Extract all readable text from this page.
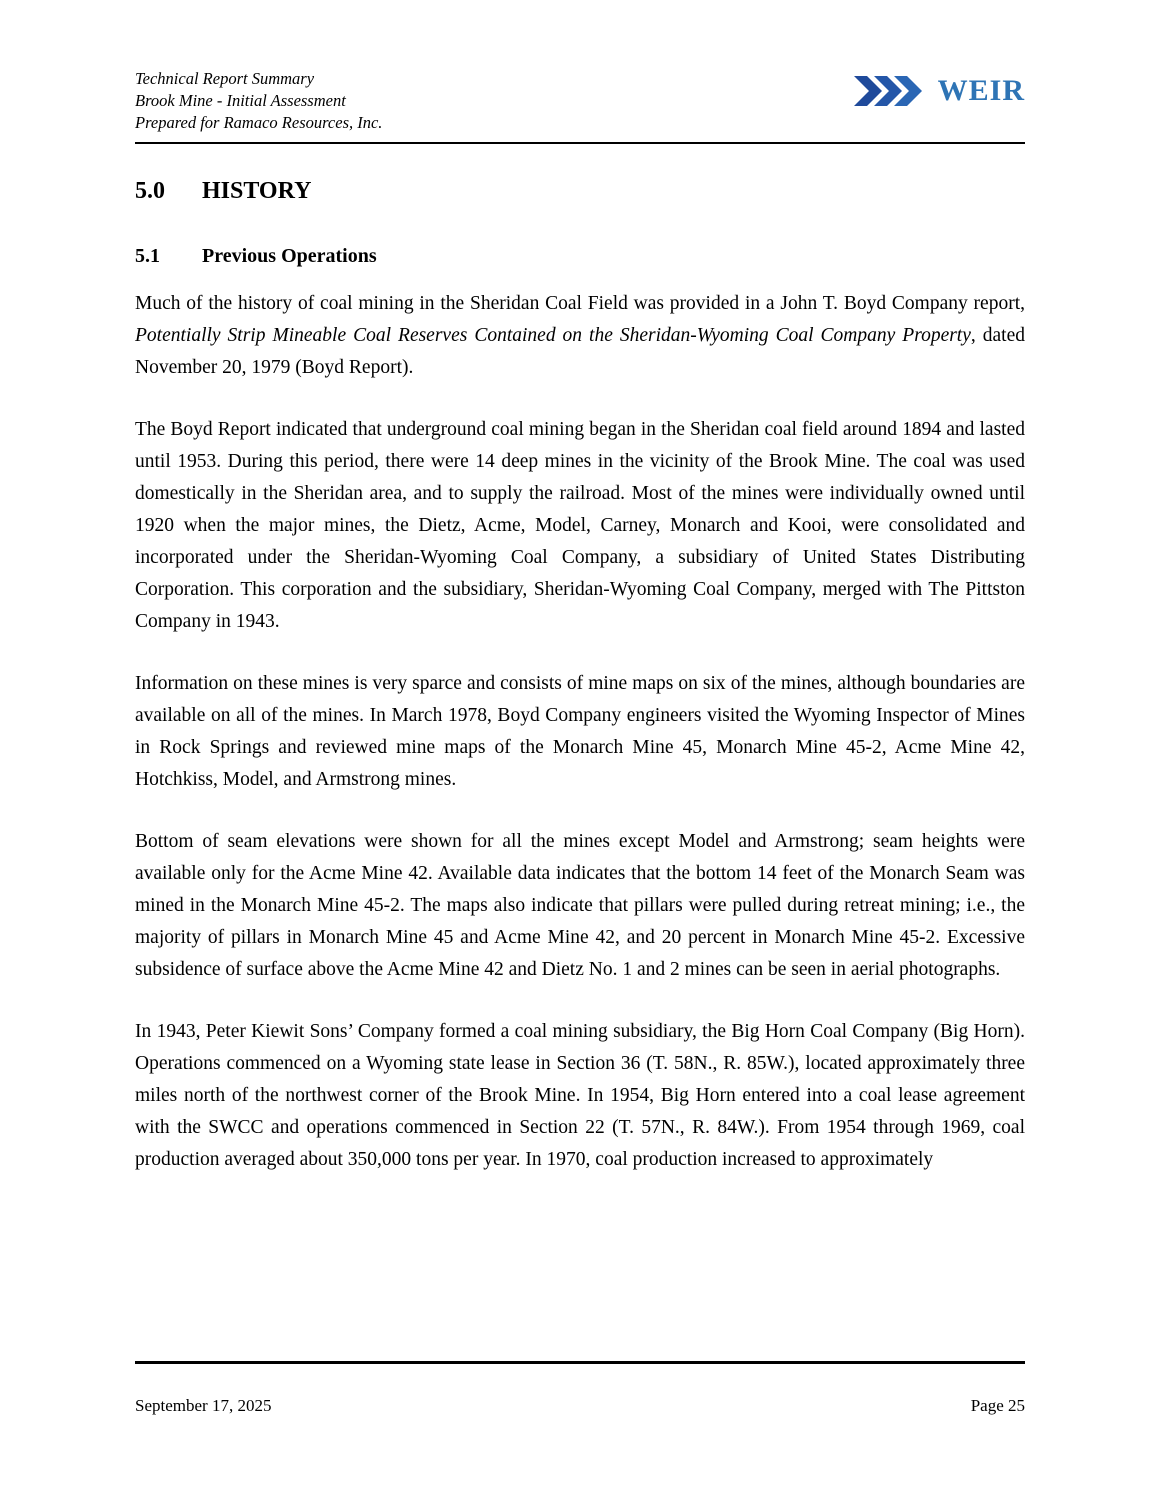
Technical Report Summary
Brook Mine - Initial Assessment
Prepared for Ramaco Resources, Inc.
WEIR
5.0	HISTORY
5.1	Previous Operations

Much of the history of coal mining in the Sheridan Coal Field was provided in a John T. Boyd Company report, Potentially Strip Mineable Coal Reserves Contained on the Sheridan-Wyoming Coal Company Property, dated November 20, 1979 (Boyd Report).

The Boyd Report indicated that underground coal mining began in the Sheridan coal field around 1894 and lasted until 1953. During this period, there were 14 deep mines in the vicinity of the Brook Mine. The coal was used domestically in the Sheridan area, and to supply the railroad. Most of the mines were individually owned until 1920 when the major mines, the Dietz, Acme, Model, Carney, Monarch and Kooi, were consolidated and incorporated under the Sheridan-Wyoming Coal Company, a subsidiary of United States Distributing Corporation. This corporation and the subsidiary, Sheridan-Wyoming Coal Company, merged with The Pittston Company in 1943.

Information on these mines is very sparce and consists of mine maps on six of the mines, although boundaries are available on all of the mines. In March 1978, Boyd Company engineers visited the Wyoming Inspector of Mines in Rock Springs and reviewed mine maps of the Monarch Mine 45, Monarch Mine 45-2, Acme Mine 42, Hotchkiss, Model, and Armstrong mines.

Bottom of seam elevations were shown for all the mines except Model and Armstrong; seam heights were available only for the Acme Mine 42. Available data indicates that the bottom 14 feet of the Monarch Seam was mined in the Monarch Mine 45-2. The maps also indicate that pillars were pulled during retreat mining; i.e., the majority of pillars in Monarch Mine 45 and Acme Mine 42, and 20 percent in Monarch Mine 45-2. Excessive subsidence of surface above the Acme Mine 42 and Dietz No. 1 and 2 mines can be seen in aerial photographs.

In 1943, Peter Kiewit Sons’ Company formed a coal mining subsidiary, the Big Horn Coal Company (Big Horn). Operations commenced on a Wyoming state lease in Section 36 (T. 58N., R. 85W.), located approximately three miles north of the northwest corner of the Brook Mine. In 1954, Big Horn entered into a coal lease agreement with the SWCC and operations commenced in Section 22 (T. 57N., R. 84W.). From 1954 through 1969, coal production averaged about 350,000 tons per year. In 1970, coal production increased to approximately

September 17, 2025	Page 25
